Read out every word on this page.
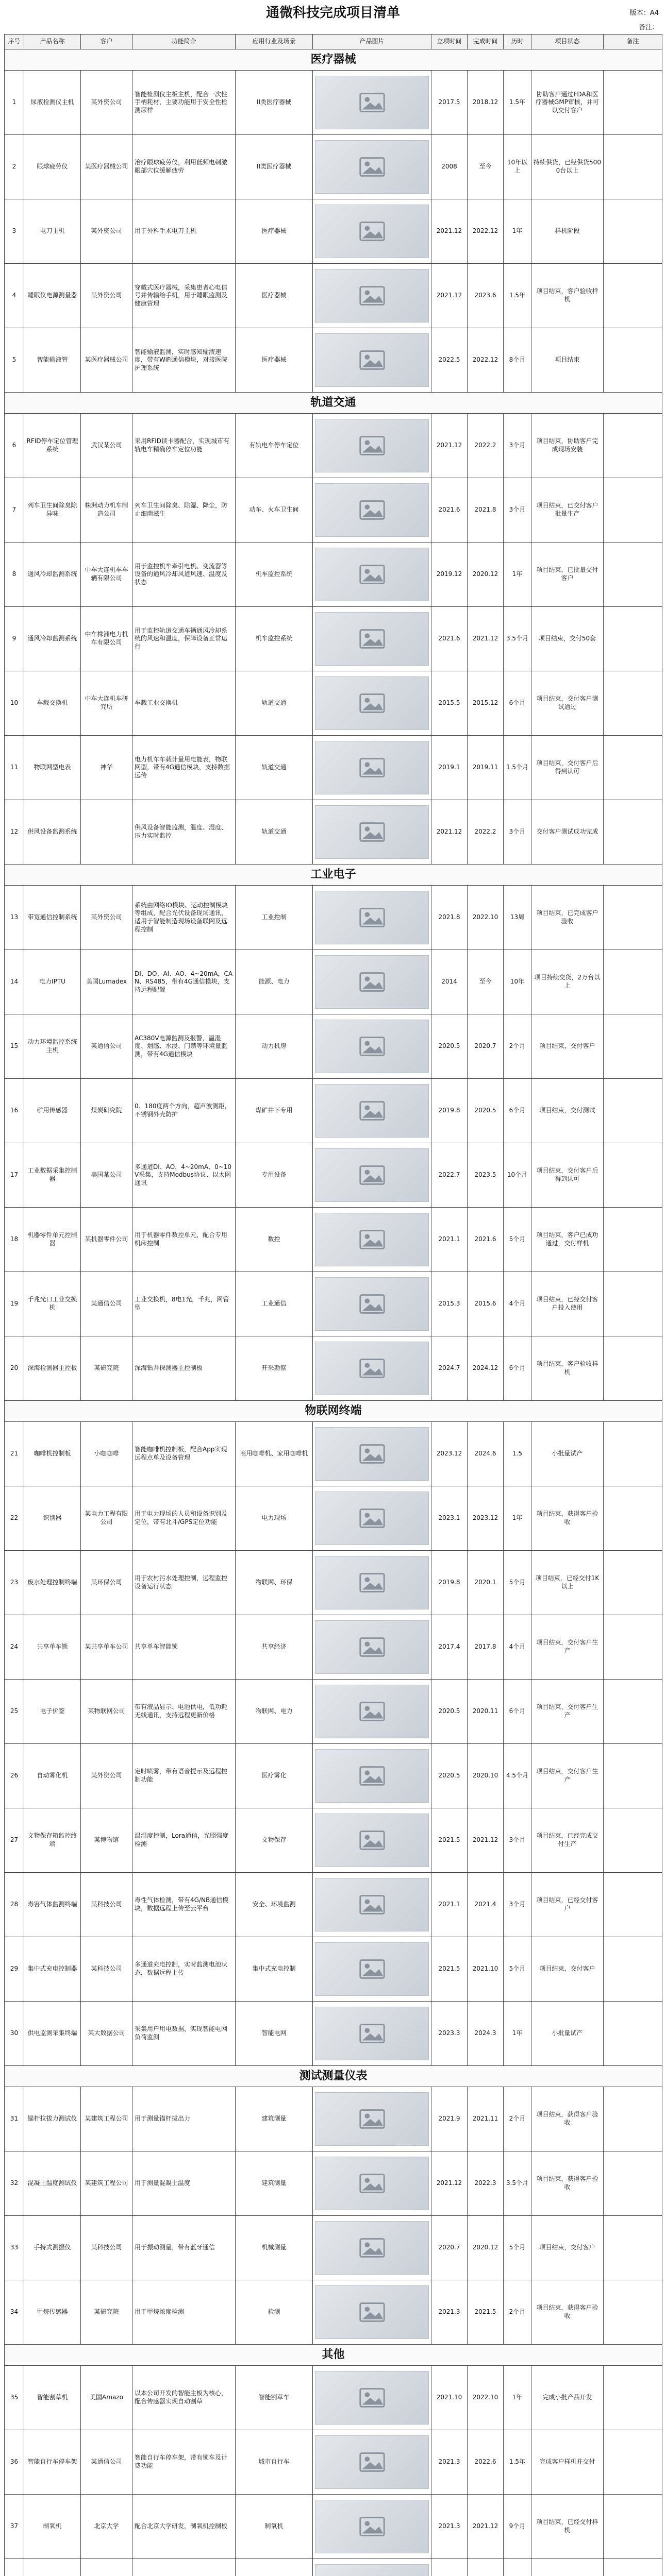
通微科技完成项目清单	版本：A4
备注：
序号	产品名称	客户	功能简介	应用行业及场景	产品图片	立项时间	完成时间	历时	项目状态	备注
医疗器械										
1	尿液检测仪主机	某外资公司	智能检测仪主板主机，配合一次性手柄耗材，主要功能用于安全性检测尿样	II类医疗器械		2017.5	2018.12	1.5年	协助客户通过FDA和医疗器械GMP审核，并可以交付客户	
2	眼球疲劳仪	某医疗器械公司	治疗眼球疲劳仪，利用低频电刺激眼部穴位缓解疲劳	II类医疗器械		2008	至今	10年以上	持续供货，已经供货5000台以上	
3	电刀主机	某外资公司	用于外科手术电刀主机	医疗器械		2021.12	2022.12	1年	样机阶段	
4	睡眠仪电源测量器	某外资公司	穿戴式医疗器械，采集患者心电信号并传输给手机，用于睡眠监测及健康管理	医疗器械		2021.12	2023.6	1.5年	项目结束，客户验收样机	
5	智能输液管	某医疗器械公司	智能输液监测，实时感知输液速度，带有WiFi通信模块，对接医院护理系统	医疗器械		2022.5	2022.12	8个月	项目结束	
轨道交通										
6	RFID停车定位管理系统	武汉某公司	采用RFID读卡器配合，实现城市有轨电车精确停车定位功能	有轨电车停车定位		2021.12	2022.2	3个月	项目结束，协助客户完成现场安装	
7	列车卫生间除臭除异味	株洲动力机车制造公司	列车卫生间除臭、除湿、降尘，防止细菌滋生	动车、火车卫生间		2021.6	2021.8	3个月	项目结束，已交付客户批量生产	
8	通风冷却监测系统	中车大连机车车辆有限公司	用于监控机车牵引电机、变流器等设备的通风冷却风道风速、温度及状态	机车监控系统		2019.12	2020.12	1年	项目结束，已批量交付客户	
9	通风冷却监测系统	中车株洲电力机车有限公司	用于监控轨道交通车辆通风冷却系统的风速和温度，保障设备正常运行	机车监控系统		2021.6	2021.12	3.5个月	项目结束，交付50套	
10	车载交换机	中车大连机车研究所	车载工业交换机	轨道交通		2015.5	2015.12	6个月	项目结束，交付客户测试通过	
11	物联网型电表	神华	电力机车车载计量用电能表，物联网型，带有4G通信模块，支持数据远传	轨道交通		2019.1	2019.11	1.5个月	项目结束，交付客户后得到认可	
12	供风设备监测系统		供风设备智能监测，温度、湿度、压力实时监控	轨道交通		2021.12	2022.2	3个月	交付客户测试成功完成	
工业电子										
13	带宽通信控制系统	某外资公司	系统由网络IO模块、运动控制模块等组成，配合光伏设备现场通讯，适用于智能制造现场设备联网及远程控制	工业控制		2021.8	2022.10	13周	项目结束，已完成客户验收	
14	电力IPTU	美国Lumadex	DI、DO、AI、AO、4~20mA，CAN、RS485，带有4G通信模块，支持远程配置	能源、电力		2014	至今	10年	项目持续交货，2万台以上	
15	动力环境监控系统主机	某通信公司	AC380V电源监测及报警，温湿度、烟感、水浸、门禁等环境量监测，带有4G通信模块	动力机房		2020.5	2020.7	2个月	项目结束，交付客户	
16	矿用传感器	煤炭研究院	0、180度两个方向，超声波测距，不锈钢外壳防护	煤矿井下专用		2019.8	2020.5	6个月	项目结束，交付测试	
17	工业数据采集控制器	美国某公司	多通道DI、AO，4~20mA、0~10V采集，支持Modbus协议、以太网通讯	专用设备		2022.7	2023.5	10个月	项目结束，交付客户后得到认可	
18	机器零件单元控制器	某机器零件公司	用于机器零件数控单元，配合专用机床控制	数控		2021.1	2021.6	5个月	项目结束，客户已成功通过，交付样机	
19	千兆光口工业交换机	某通信公司	工业交换机，8电1光，千兆，网管型	工业通信		2015.3	2015.6	4个月	项目结束，已经交付客户投入使用	
20	深海检测器主控板	某研究院	深海钻井探测器主控制板	开采勘察		2024.7	2024.12	6个月	项目结束，客户验收样机	
物联网终端										
21	咖啡机控制板	小咖咖啡	智能咖啡机控制板，配合App实现远程点单及设备管理	商用咖啡机、家用咖啡机		2023.12	2024.6	1.5	小批量试产	
22	识别器	某电力工程有限公司	用于电力现场的人员和设备识别及定位，带有北斗/GPS定位功能	电力现场		2023.1	2023.12	1年	项目结束，获得客户验收	
23	废水处理控制终端	某环保公司	用于农村污水处理控制，远程监控设备运行状态	物联网、环保		2019.8	2020.1	5个月	项目结束，已经交付1K以上	
24	共享单车锁	某共享单车公司	共享单车智能锁	共享经济		2017.4	2017.8	4个月	项目结束，交付客户生产	
25	电子价签	某物联网公司	带有液晶显示、电池供电，低功耗无线通讯，支持远程更新价格	物联网、电力		2020.5	2020.11	6个月	项目结束，交付客户生产	
26	自动雾化机	某外资公司	定时喷雾，带有语音提示及远程控制功能	医疗雾化		2020.5	2020.10	4.5个月	项目结束，交付客户生产	
27	文物保存箱监控终端	某博物馆	温湿度控制，Lora通信，光照强度检测	文物保存		2021.5	2021.12	3个月	项目结束，已经完成交付生产	
28	毒害气体监测终端	某科技公司	毒性气体检测，带有4G/NB通信模块，数据远程上传至云平台	安全、环境监测		2021.1	2021.4	3个月	项目结束，已经交付客户	
29	集中式充电控制器	某科技公司	多通道充电控制，实时监测电池状态，数据远程上传	集中式充电控制		2021.5	2021.10	5个月	项目结束，交付客户	
30	供电监测采集终端	某大数据公司	采集用户用电数据，实现智能电网负荷监测	智能电网		2023.3	2024.3	1年	小批量试产	
测试测量仪表										
31	锚杆拉拔力测试仪	某建筑工程公司	用于测量锚杆拔出力	建筑测量		2021.9	2021.11	2个月	项目结束，获得客户验收	
32	混凝土温度测试仪	某建筑工程公司	用于测量混凝土温度	建筑测量		2021.12	2022.3	3.5个月	项目结束，获得客户验收	
33	手持式测振仪	某科技公司	用于振动测量，带有蓝牙通信	机械测量		2020.7	2020.12	5个月	项目结束，交付客户	
34	甲烷传感器	某研究院	用于甲烷浓度检测	检测		2021.3	2021.5	2个月	项目结束，获得客户验收	
其他										
35	智能割草机	美国Amazo	以本公司开发的智能主板为核心，配合传感器实现自动割草	智能割草车		2021.10	2022.10	1年	完成小批产品开发	
36	智能自行车停车架	某通信公司	智能自行车停车架，带有锁车及计费功能	城市自行车		2021.3	2022.6	1.5年	完成客户样机并交付	
37	制氧机	北京大学	配合北京大学研发，制氧机控制板	制氧机		2021.3	2021.12	9个月	项目结束，已经交付样机	
